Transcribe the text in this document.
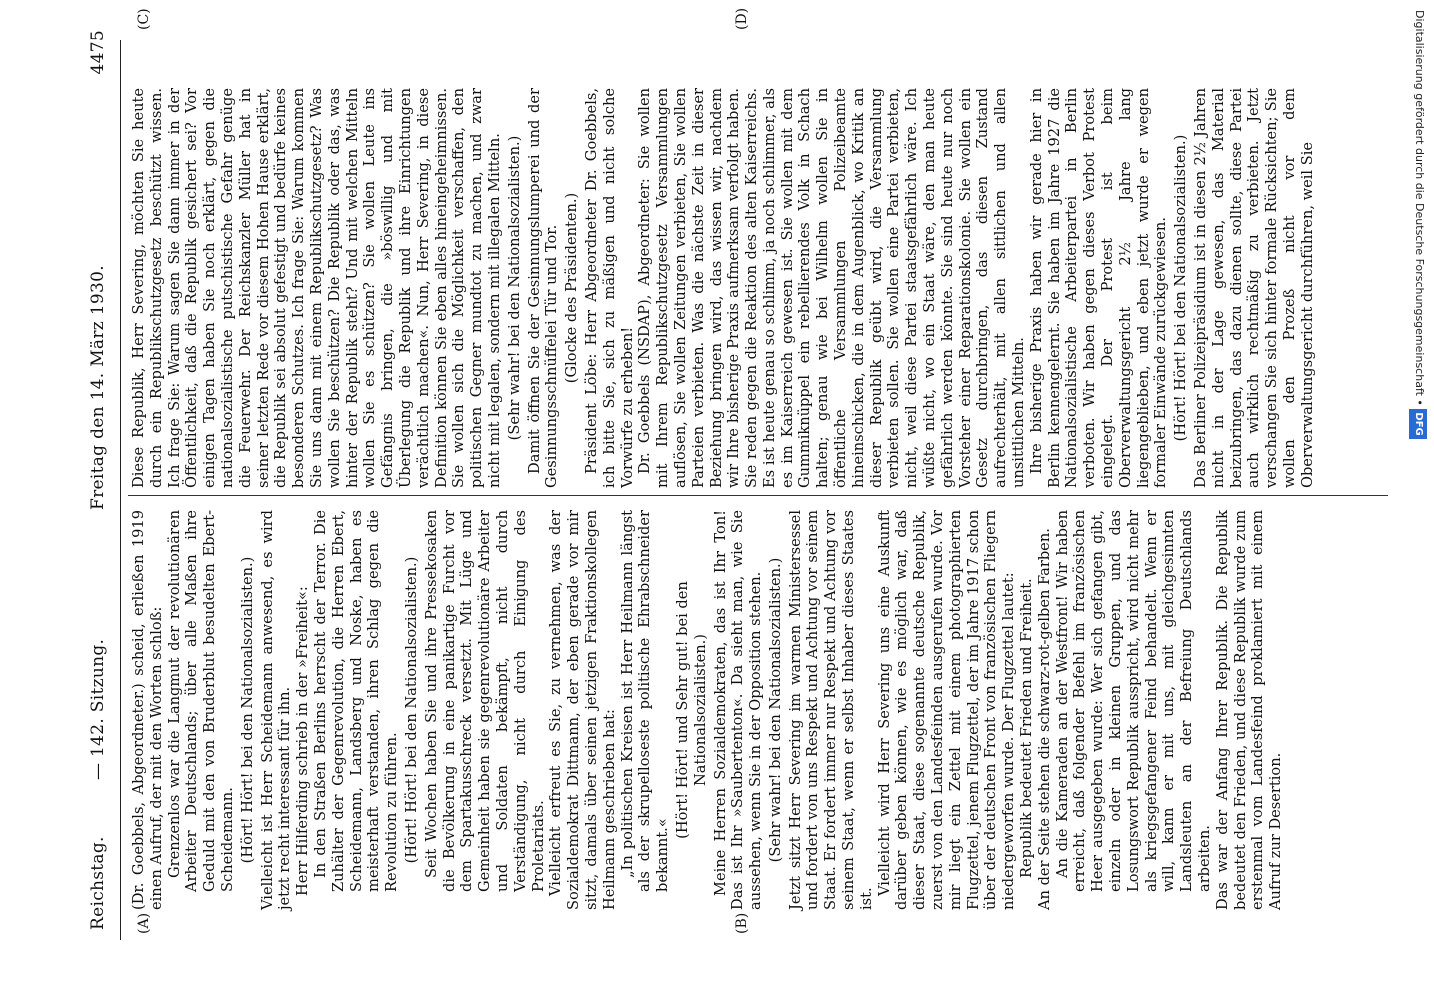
Reichstag.
— 142. Sitzung.
Freitag den 14. März 1930.
4475
(A)	(B)
(C)	(D)

(Dr. Goebbels, Abgeordneter.) scheid, erließen 1919 einen Aufruf, der mit den Worten schloß: Grenzenlos war die Langmut der revolutionären Arbeiter Deutschlands; über alle Maßen ihre Geduld mit den von Bruderblut besudelten Ebert-Scheidemann. (Hört! Hört! bei den Nationalsozialisten.) Vielleicht ist Herr Scheidemann anwesend, es wird jetzt recht interessant für ihn. Herr Hilferding schrieb in der »Freiheit«: In den Straßen Berlins herrscht der Terror. Die Zuhälter der Gegenrevolution, die Herren Ebert, Scheidemann, Landsberg und Noske, haben es meisterhaft verstanden, ihren Schlag gegen die Revolution zu führen. (Hört! Hört! bei den Nationalsozialisten.) Seit Wochen haben Sie und ihre Pressekosaken die Bevölkerung in eine panikartige Furcht vor dem Spartakusschreck versetzt. Mit Lüge und Gemeinheit haben sie gegenrevolutionäre Arbeiter und Soldaten bekämpft, nicht durch Verständigung, nicht durch Einigung des Proletariats. Vielleicht erfreut es Sie, zu vernehmen, was der Sozialdemokrat Dittmann, der eben gerade vor mir sitzt, damals über seinen jetzigen Fraktionskollegen Heilmann geschrieben hat: „In politischen Kreisen ist Herr Heilmann längst als der skrupelloseste politische Ehrabschneider bekannt.«

(Hört! Hört! und Sehr gut! bei den Nationalsozialisten.) Meine Herren Sozialdemokraten, das ist Ihr Ton! Das ist Ihr »Saubertenton«. Da sieht man, wie Sie aussehen, wenn Sie in der Opposition stehen. (Sehr wahr! bei den Nationalsozialisten.) Jetzt sitzt Herr Severing im warmen Ministersessel und fordert von uns Respekt und Achtung vor seinem Staat. Er fordert immer nur Respekt und Achtung vor seinem Staat, wenn er selbst Inhaber dieses Staates ist.

Vielleicht wird Herr Severing uns eine Auskunft darüber geben können, wie es möglich war, daß dieser Staat, diese sogenannte deutsche Republik, zuerst von den Landesfeinden ausgerufen wurde. Vor mir liegt ein Zettel mit einem photographierten Flugzettel, jenem Flugzettel, der im Jahre 1917 schon über der deutschen Front von französischen Fliegern niedergeworfen wurde. Der Flugzettel lautet: Republik bedeutet Frieden und Freiheit. An der Seite stehen die schwarz-rot-gelben Farben. An die Kameraden an der Westfront! Wir haben erreicht, daß folgender Befehl im französischen Heer ausgegeben wurde: Wer sich gefangen gibt, einzeln oder in kleinen Gruppen, und das Losungswort Republik ausspricht, wird nicht mehr als kriegsgefangener Feind behandelt. Wenn er will, kann er mit uns, mit gleichgesinnten Landsleuten an der Befreiung Deutschlands arbeiten. Das war der Anfang Ihrer Republik. Die Republik bedeutet den Frieden, und diese Republik wurde zum erstenmal vom Landesfeind proklamiert mit einem Aufruf zur Desertion.

Diese Republik, Herr Severing, möchten Sie heute durch ein Republikschutzgesetz beschützt wissen. Ich frage Sie: Warum sagen Sie dann immer in der Öffentlichkeit, daß die Republik gesichert sei? Vor einigen Tagen haben Sie noch erklärt, gegen die nationalsozialistische putschistische Gefahr genüge die Feuerwehr. Der Reichskanzler Müller hat in seiner letzten Rede vor diesem Hohen Hause erklärt, die Republik sei absolut gefestigt und bedürfe keines besonderen Schutzes. Ich frage Sie: Warum kommen Sie uns dann mit einem Republikschutzgesetz? Was wollen Sie beschützen? Die Republik oder das, was hinter der Republik steht? Und mit welchen Mitteln wollen Sie es schützen? Sie wollen Leute ins Gefängnis bringen, die »böswillig und mit Überlegung die Republik und ihre Einrichtungen verächtlich machen«. Nun, Herr Severing, in diese Definition können Sie eben alles hineingeheimnissen. Sie wollen sich die Möglichkeit verschaffen, den politischen Gegner mundtot zu machen, und zwar nicht mit legalen, sondern mit illegalen Mitteln. (Sehr wahr! bei den Nationalsozialisten.) Damit öffnen Sie der Gesinnungslumperei und der Gesinnungsschnüffelei Tür und Tor. (Glocke des Präsidenten.) Präsident Löbe: Herr Abgeordneter Dr. Goebbels, ich bitte Sie, sich zu mäßigen und nicht solche Vorwürfe zu erheben! Dr. Goebbels (NSDAP), Abgeordneter: Sie wollen mit Ihrem Republikschutzgesetz Versammlungen auflösen, Sie wollen Zeitungen verbieten, Sie wollen Parteien verbieten. Was die nächste Zeit in dieser Beziehung bringen wird, das wissen wir, nachdem wir Ihre bisherige Praxis aufmerksam verfolgt haben. Sie reden gegen die Reaktion des alten Kaiserreichs. Es ist heute genau so schlimm, ja noch schlimmer, als es im Kaiserreich gewesen ist. Sie wollen mit dem Gummiknüppel ein rebellierendes Volk in Schach halten; genau wie bei Wilhelm wollen Sie in öffentliche Versammlungen Polizeibeamte hineinschicken, die in dem Augenblick, wo Kritik an dieser Republik geübt wird, die Versammlung verbieten sollen. Sie wollen eine Partei verbieten, nicht, weil diese Partei staatsgefährlich wäre. Ich wüßte nicht, wo ein Staat wäre, den man heute gefährlich werden könnte. Sie sind heute nur noch Vorsteher einer Reparationskolonie. Sie wollen ein Gesetz durchbringen, das diesen Zustand aufrechterhält, mit allen sittlichen und allen unsittlichen Mitteln. Ihre bisherige Praxis haben wir gerade hier in Berlin kennengelernt. Sie haben im Jahre 1927 die Nationalsozialistische Arbeiterpartei in Berlin verboten. Wir haben gegen dieses Verbot Protest eingelegt. Der Protest ist beim Oberverwaltungsgericht 2½ Jahre lang liegengeblieben, und eben jetzt wurde er wegen formaler Einwände zurückgewiesen. (Hört! Hört! bei den Nationalsozialisten.) Das Berliner Polizeipräsidium ist in diesen 2½ Jahren nicht in der Lage gewesen, das Material beizubringen, das dazu dienen sollte, diese Partei auch wirklich rechtmäßig zu verbieten. Jetzt verschangen Sie sich hinter formale Rücksichten; Sie wollen den Prozeß nicht vor dem Oberverwaltungsgericht durchführen, weil Sie	Digitalisierung gefördert durch die Deutsche Forschungsgemeinschaft • DFG
